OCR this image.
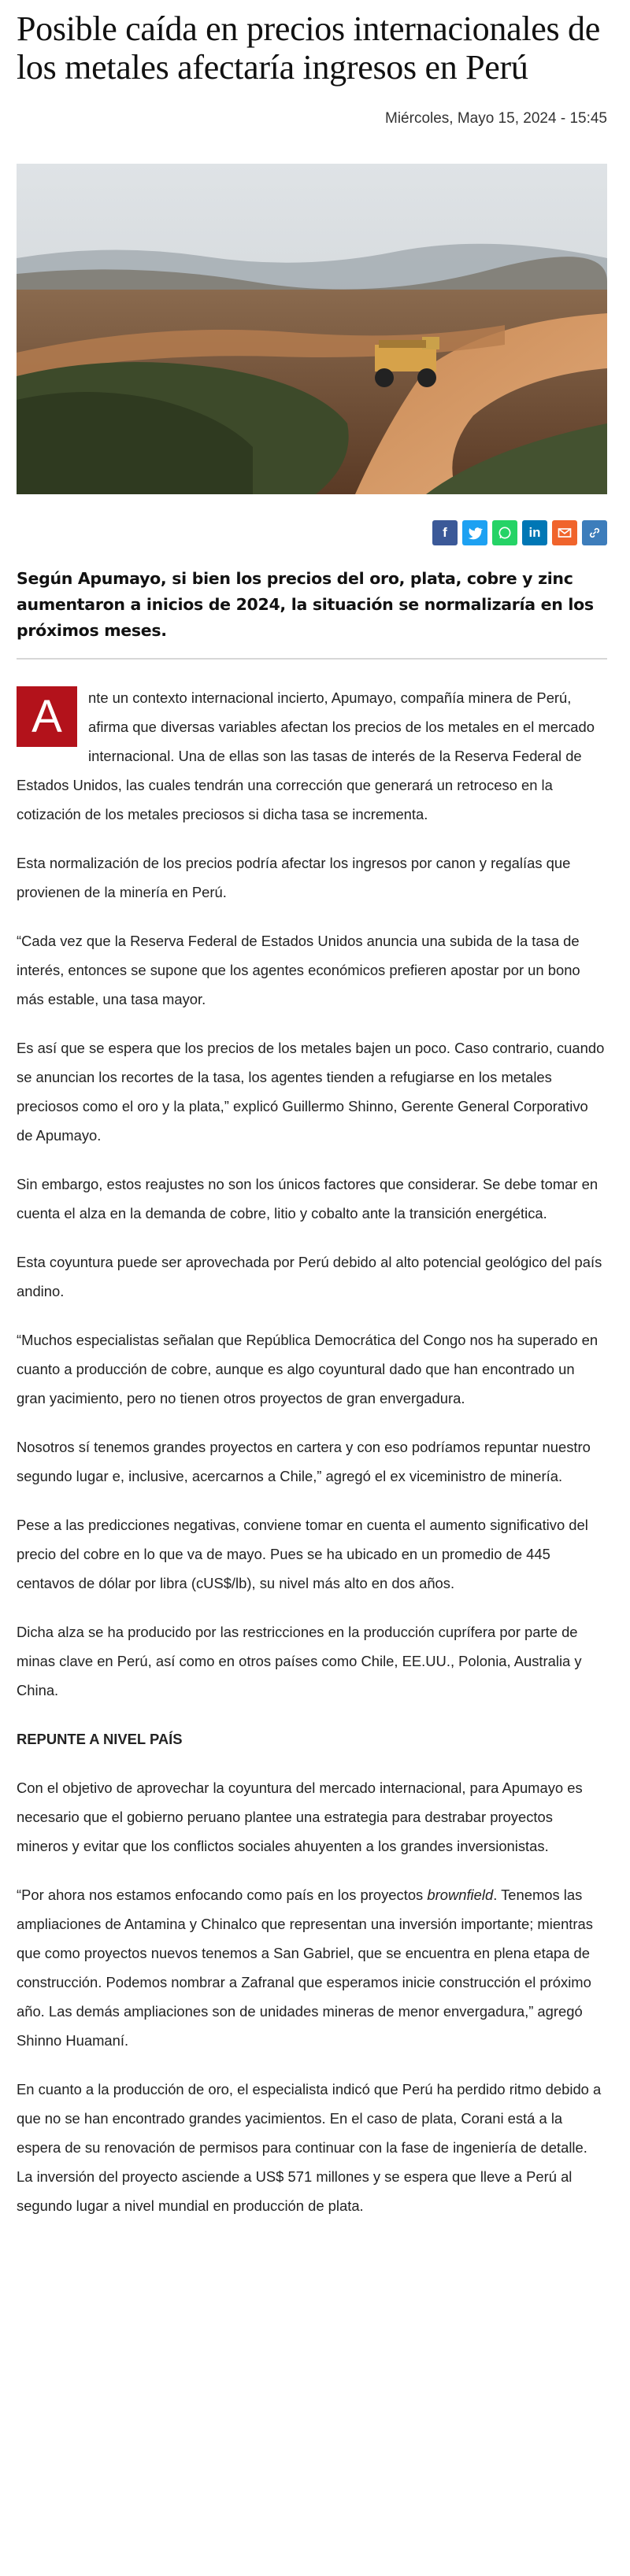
Posible caída en precios internacionales de los metales afectaría ingresos en Perú
Miércoles, Mayo 15, 2024 - 15:45
f	in

Según Apumayo, si bien los precios del oro, plata, cobre y zinc aumentaron a inicios de 2024, la situación se normalizaría en los próximos meses.

A	nte un contexto internacional incierto, Apumayo, compañía minera de Perú, afirma que diversas variables afectan los precios de los metales en el mercado internacional. Una de ellas son las tasas de interés de la Reserva Federal de Estados Unidos, las cuales tendrán una corrección que generará un retroceso en la cotización de los metales preciosos si dicha tasa se incrementa.

Esta normalización de los precios podría afectar los ingresos por canon y regalías que provienen de la minería en Perú.

“Cada vez que la Reserva Federal de Estados Unidos anuncia una subida de la tasa de interés, entonces se supone que los agentes económicos prefieren apostar por un bono más estable, una tasa mayor.

Es así que se espera que los precios de los metales bajen un poco. Caso contrario, cuando se anuncian los recortes de la tasa, los agentes tienden a refugiarse en los metales preciosos como el oro y la plata,” explicó Guillermo Shinno, Gerente General Corporativo de Apumayo.

Sin embargo, estos reajustes no son los únicos factores que considerar. Se debe tomar en cuenta el alza en la demanda de cobre, litio y cobalto ante la transición energética.

Esta coyuntura puede ser aprovechada por Perú debido al alto potencial geológico del país andino.

“Muchos especialistas señalan que República Democrática del Congo nos ha superado en cuanto a producción de cobre, aunque es algo coyuntural dado que han encontrado un gran yacimiento, pero no tienen otros proyectos de gran envergadura.

Nosotros sí tenemos grandes proyectos en cartera y con eso podríamos repuntar nuestro segundo lugar e, inclusive, acercarnos a Chile,” agregó el ex viceministro de minería.

Pese a las predicciones negativas, conviene tomar en cuenta el aumento significativo del precio del cobre en lo que va de mayo. Pues se ha ubicado en un promedio de 445 centavos de dólar por libra (cUS$/lb), su nivel más alto en dos años.

Dicha alza se ha producido por las restricciones en la producción cuprífera por parte de minas clave en Perú, así como en otros países como Chile, EE.UU., Polonia, Australia y China.

REPUNTE A NIVEL PAÍS

Con el objetivo de aprovechar la coyuntura del mercado internacional, para Apumayo es necesario que el gobierno peruano plantee una estrategia para destrabar proyectos mineros y evitar que los conflictos sociales ahuyenten a los grandes inversionistas.

“Por ahora nos estamos enfocando como país en los proyectos brownfield. Tenemos las ampliaciones de Antamina y Chinalco que representan una inversión importante; mientras que como proyectos nuevos tenemos a San Gabriel, que se encuentra en plena etapa de construcción. Podemos nombrar a Zafranal que esperamos inicie construcción el próximo año. Las demás ampliaciones son de unidades mineras de menor envergadura,” agregó Shinno Huamaní.

En cuanto a la producción de oro, el especialista indicó que Perú ha perdido ritmo debido a que no se han encontrado grandes yacimientos. En el caso de plata, Corani está a la espera de su renovación de permisos para continuar con la fase de ingeniería de detalle. La inversión del proyecto asciende a US$ 571 millones y se espera que lleve a Perú al segundo lugar a nivel mundial en producción de plata.
